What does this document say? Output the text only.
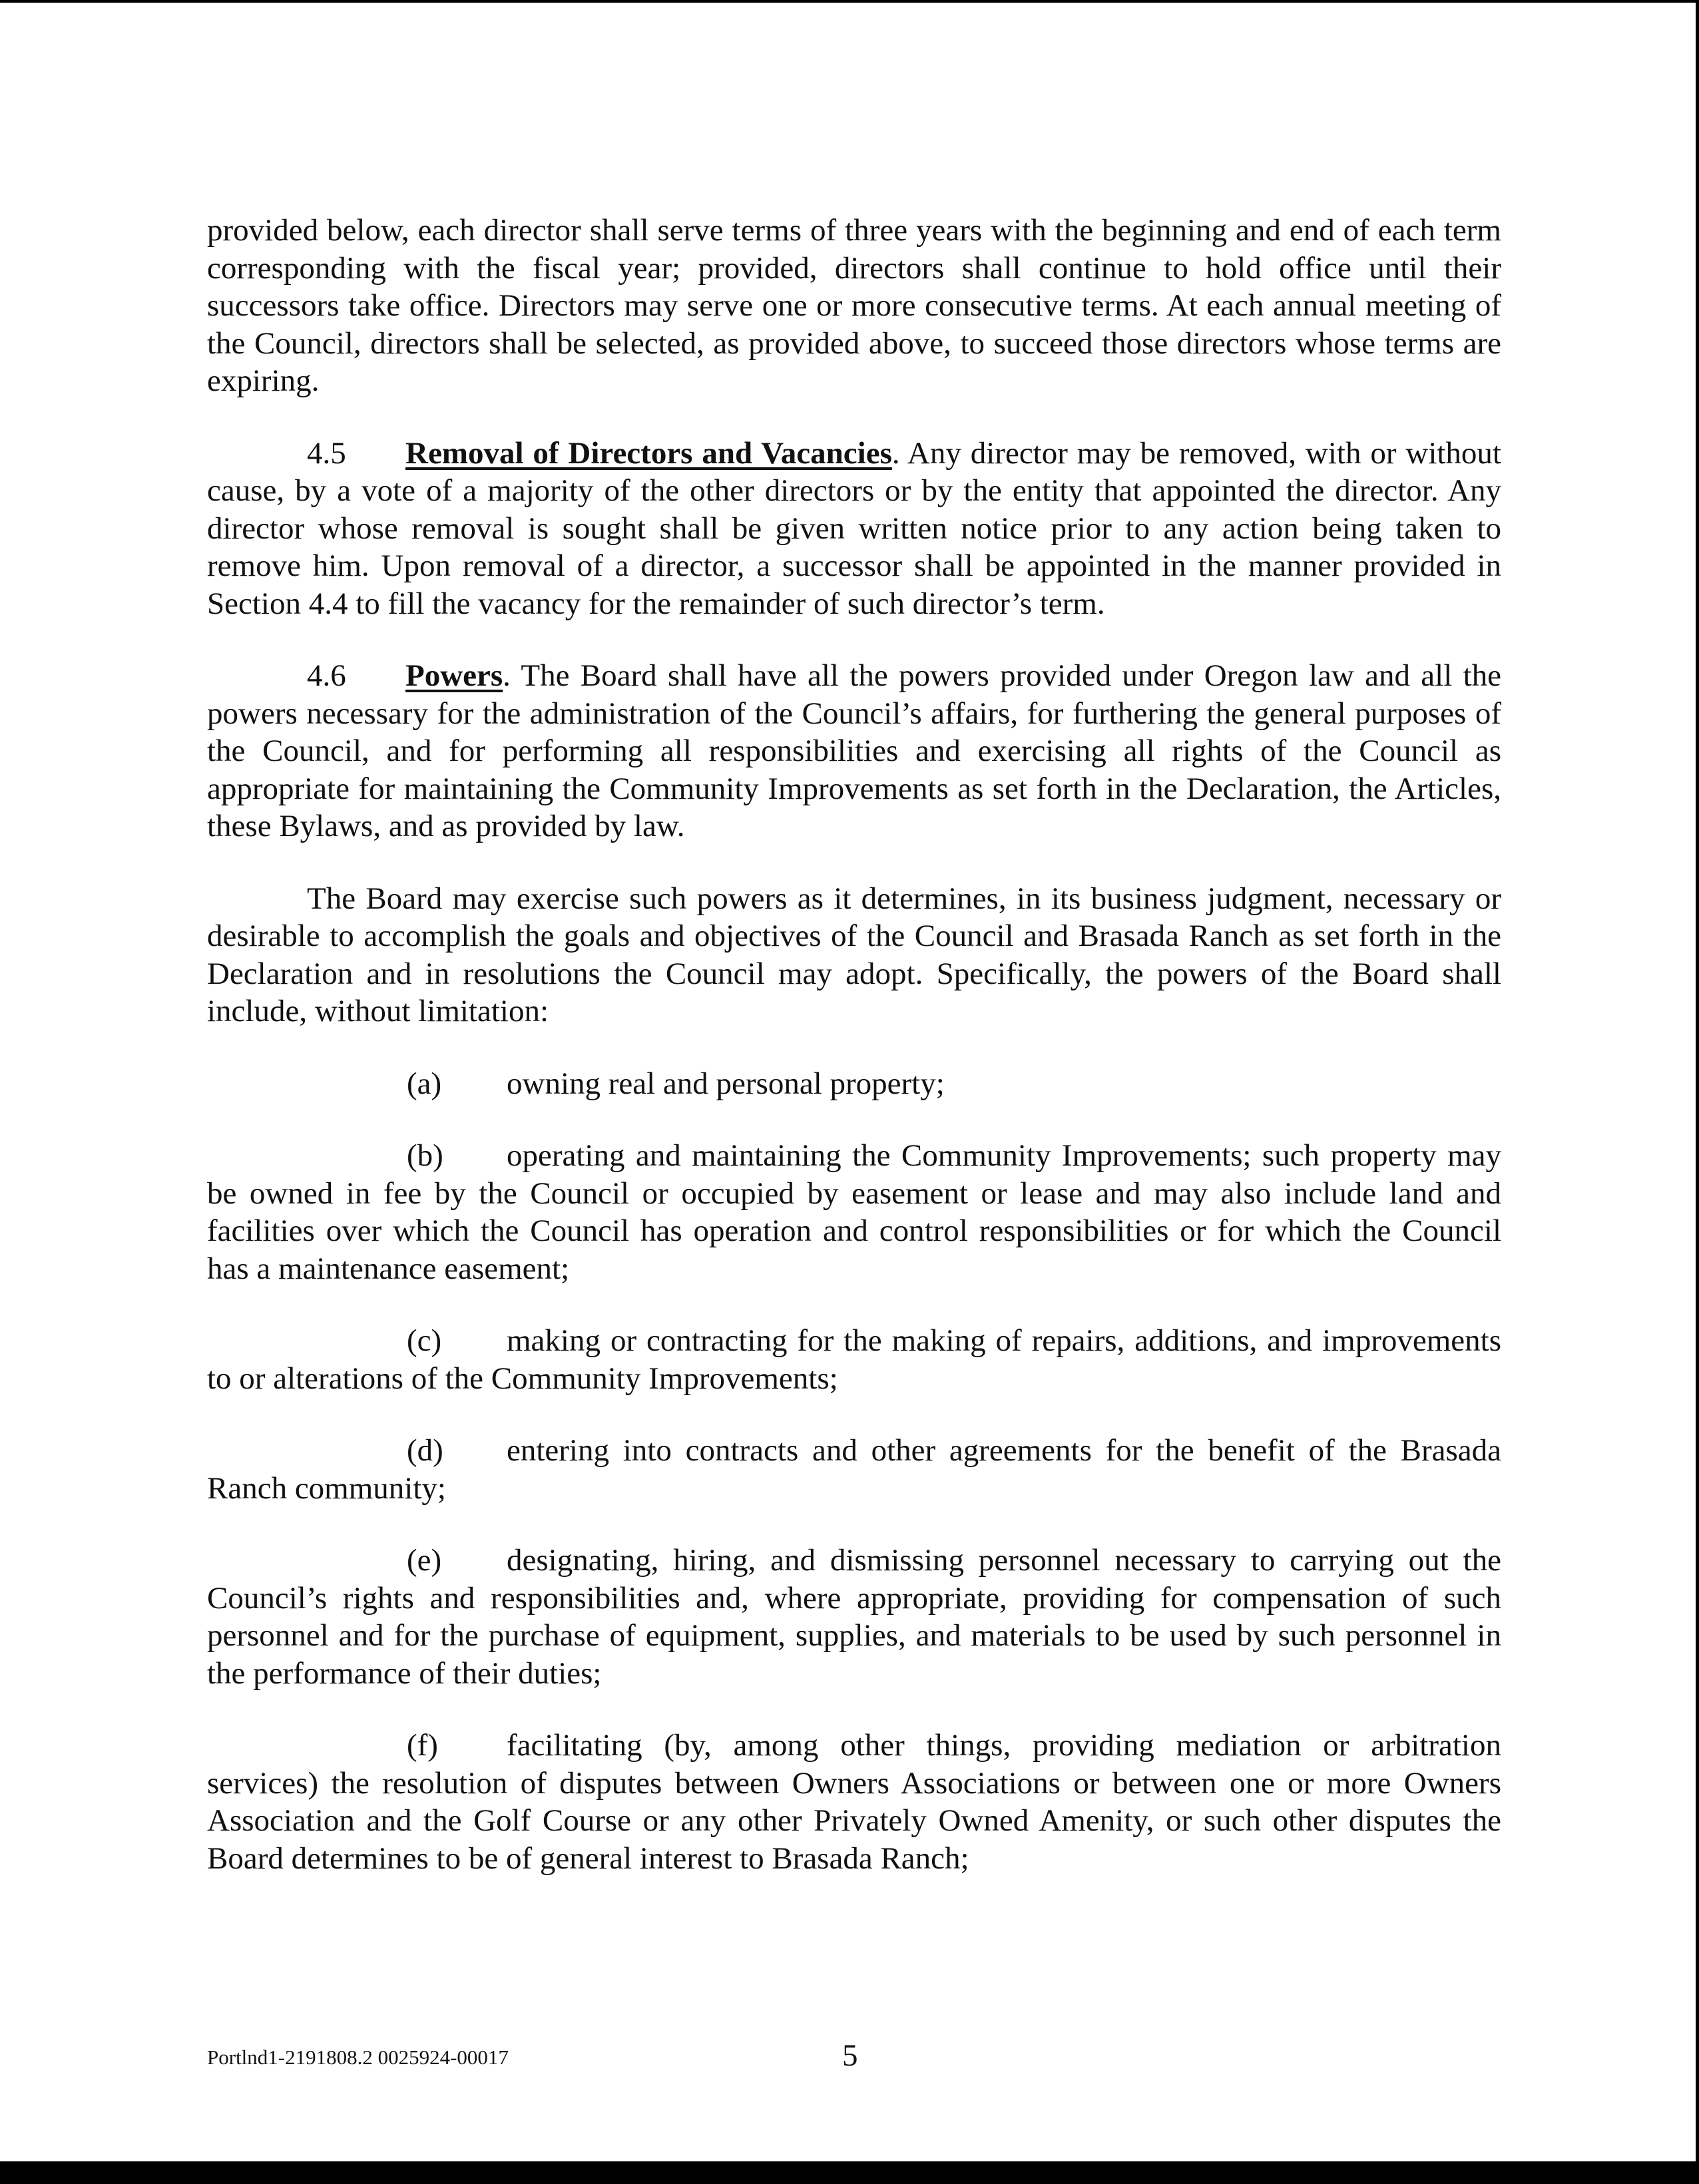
provided below, each director shall serve terms of three years with the beginning and end of each term corresponding with the fiscal year; provided, directors shall continue to hold office until their successors take office. Directors may serve one or more consecutive terms. At each annual meeting of the Council, directors shall be selected, as provided above, to succeed those directors whose terms are expiring.

4.5 Removal of Directors and Vacancies. Any director may be removed, with or without cause, by a vote of a majority of the other directors or by the entity that appointed the director. Any director whose removal is sought shall be given written notice prior to any action being taken to remove him. Upon removal of a director, a successor shall be appointed in the manner provided in Section 4.4 to fill the vacancy for the remainder of such director’s term.

4.6 Powers. The Board shall have all the powers provided under Oregon law and all the powers necessary for the administration of the Council’s affairs, for furthering the general purposes of the Council, and for performing all responsibilities and exercising all rights of the Council as appropriate for maintaining the Community Improvements as set forth in the Declaration, the Articles, these Bylaws, and as provided by law.

The Board may exercise such powers as it determines, in its business judgment, necessary or desirable to accomplish the goals and objectives of the Council and Brasada Ranch as set forth in the Declaration and in resolutions the Council may adopt. Specifically, the powers of the Board shall include, without limitation:

(a) owning real and personal property;

(b) operating and maintaining the Community Improvements; such property may be owned in fee by the Council or occupied by easement or lease and may also include land and facilities over which the Council has operation and control responsibilities or for which the Council has a maintenance easement;

(c) making or contracting for the making of repairs, additions, and improvements to or alterations of the Community Improvements;

(d) entering into contracts and other agreements for the benefit of the Brasada Ranch community;

(e) designating, hiring, and dismissing personnel necessary to carrying out the Council’s rights and responsibilities and, where appropriate, providing for compensation of such personnel and for the purchase of equipment, supplies, and materials to be used by such personnel in the performance of their duties;

(f) facilitating (by, among other things, providing mediation or arbitration services) the resolution of disputes between Owners Associations or between one or more Owners Association and the Golf Course or any other Privately Owned Amenity, or such other disputes the Board determines to be of general interest to Brasada Ranch;

Portlnd1-2191808.2 0025924-00017	5
